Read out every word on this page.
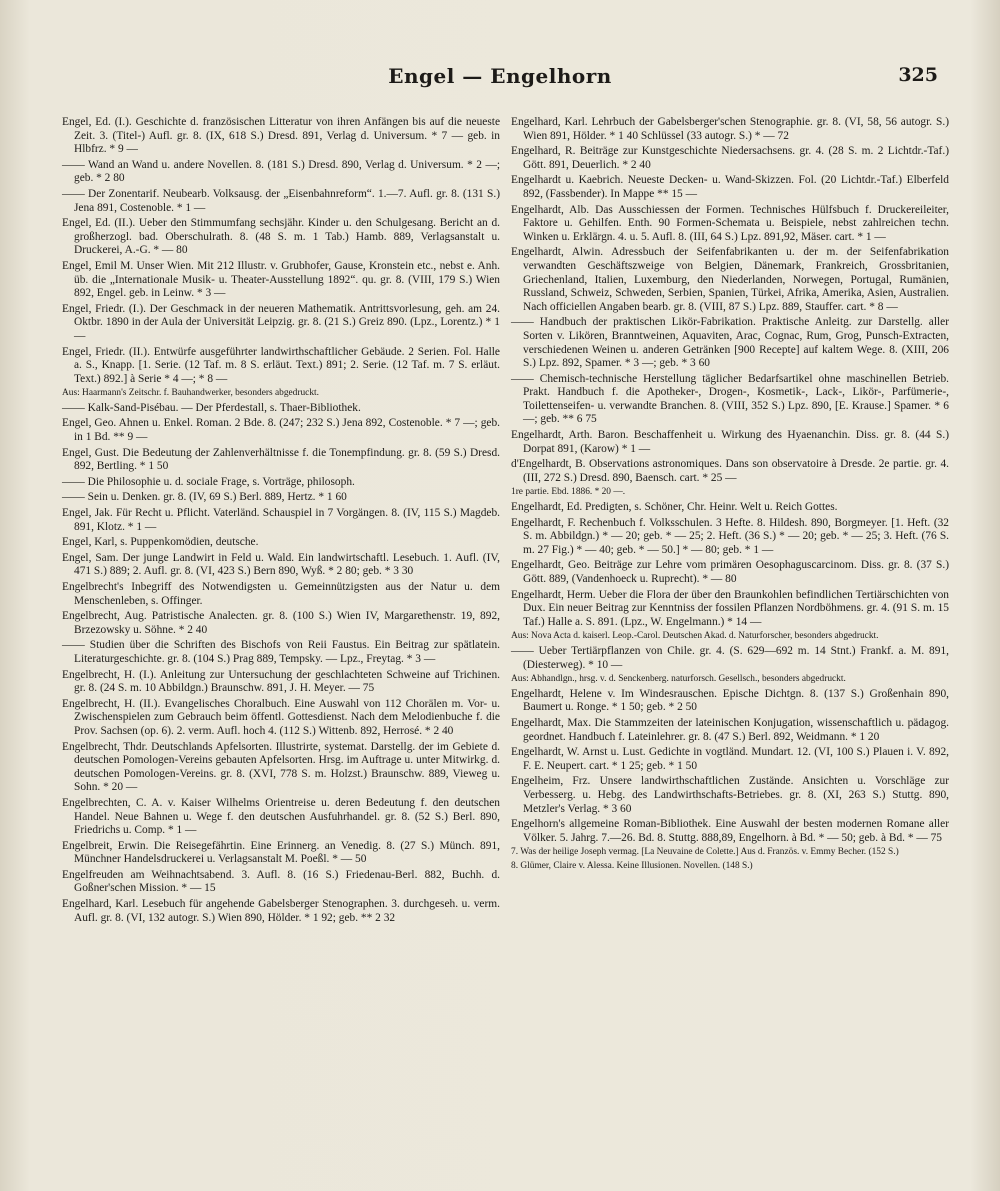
Engel — Engelhorn	325

Engel, Ed. (I.). Geschichte d. französischen Litteratur von ihren Anfängen bis auf die neueste Zeit. 3. (Titel-) Aufl. gr. 8. (IX, 618 S.) Dresd. 891, Verlag d. Universum. * 7 — geb. in Hlbfrz. * 9 —

—— Wand an Wand u. andere Novellen. 8. (181 S.) Dresd. 890, Verlag d. Universum. * 2 —; geb. * 2 80

—— Der Zonentarif. Neubearb. Volksausg. der „Eisenbahnreform“. 1.—7. Aufl. gr. 8. (131 S.) Jena 891, Costenoble. * 1 —

Engel, Ed. (II.). Ueber den Stimmumfang sechsjähr. Kinder u. den Schulgesang. Bericht an d. großherzogl. bad. Oberschulrath. 8. (48 S. m. 1 Tab.) Hamb. 889, Verlagsanstalt u. Druckerei, A.-G. * — 80

Engel, Emil M. Unser Wien. Mit 212 Illustr. v. Grubhofer, Gause, Kronstein etc., nebst e. Anh. üb. die „Internationale Musik- u. Theater-Ausstellung 1892“. qu. gr. 8. (VIII, 179 S.) Wien 892, Engel. geb. in Leinw. * 3 —

Engel, Friedr. (I.). Der Geschmack in der neueren Mathematik. Antrittsvorlesung, geh. am 24. Oktbr. 1890 in der Aula der Universität Leipzig. gr. 8. (21 S.) Greiz 890. (Lpz., Lorentz.) * 1 —

Engel, Friedr. (II.). Entwürfe ausgeführter landwirthschaftlicher Gebäude. 2 Serien. Fol. Halle a. S., Knapp. [1. Serie. (12 Taf. m. 8 S. erläut. Text.) 891; 2. Serie. (12 Taf. m. 7 S. erläut. Text.) 892.] à Serie * 4 —; * 8 —

Aus: Haarmann's Zeitschr. f. Bauhandwerker, besonders abgedruckt.

—— Kalk-Sand-Pisébau. — Der Pferdestall, s. Thaer-Bibliothek.

Engel, Geo. Ahnen u. Enkel. Roman. 2 Bde. 8. (247; 232 S.) Jena 892, Costenoble. * 7 —; geb. in 1 Bd. ** 9 —

Engel, Gust. Die Bedeutung der Zahlenverhältnisse f. die Tonempfindung. gr. 8. (59 S.) Dresd. 892, Bertling. * 1 50

—— Die Philosophie u. d. sociale Frage, s. Vorträge, philosoph.

—— Sein u. Denken. gr. 8. (IV, 69 S.) Berl. 889, Hertz. * 1 60

Engel, Jak. Für Recht u. Pflicht. Vaterländ. Schauspiel in 7 Vorgängen. 8. (IV, 115 S.) Magdeb. 891, Klotz. * 1 —

Engel, Karl, s. Puppenkomödien, deutsche.

Engel, Sam. Der junge Landwirt in Feld u. Wald. Ein landwirtschaftl. Lesebuch. 1. Aufl. (IV, 471 S.) 889; 2. Aufl. gr. 8. (VI, 423 S.) Bern 890, Wyß. * 2 80; geb. * 3 30

Engelbrecht's Inbegriff des Notwendigsten u. Gemeinnützigsten aus der Natur u. dem Menschenleben, s. Offinger.

Engelbrecht, Aug. Patristische Analecten. gr. 8. (100 S.) Wien IV, Margarethenstr. 19, 892, Brzezowsky u. Söhne. * 2 40

—— Studien über die Schriften des Bischofs von Reii Faustus. Ein Beitrag zur spätlatein. Literaturgeschichte. gr. 8. (104 S.) Prag 889, Tempsky. — Lpz., Freytag. * 3 —

Engelbrecht, H. (I.). Anleitung zur Untersuchung der geschlachteten Schweine auf Trichinen. gr. 8. (24 S. m. 10 Abbildgn.) Braunschw. 891, J. H. Meyer. — 75

Engelbrecht, H. (II.). Evangelisches Choralbuch. Eine Auswahl von 112 Chorälen m. Vor- u. Zwischenspielen zum Gebrauch beim öffentl. Gottesdienst. Nach dem Melodienbuche f. die Prov. Sachsen (op. 6). 2. verm. Aufl. hoch 4. (112 S.) Wittenb. 892, Herrosé. * 2 40

Engelbrecht, Thdr. Deutschlands Apfelsorten. Illustrirte, systemat. Darstellg. der im Gebiete d. deutschen Pomologen-Vereins gebauten Apfelsorten. Hrsg. im Auftrage u. unter Mitwirkg. d. deutschen Pomologen-Vereins. gr. 8. (XVI, 778 S. m. Holzst.) Braunschw. 889, Vieweg u. Sohn. * 20 —

Engelbrechten, C. A. v. Kaiser Wilhelms Orientreise u. deren Bedeutung f. den deutschen Handel. Neue Bahnen u. Wege f. den deutschen Ausfuhrhandel. gr. 8. (52 S.) Berl. 890, Friedrichs u. Comp. * 1 —

Engelbreit, Erwin. Die Reisegefährtin. Eine Erinnerg. an Venedig. 8. (27 S.) Münch. 891, Münchner Handelsdruckerei u. Verlagsanstalt M. Poeßl. * — 50

Engelfreuden am Weihnachtsabend. 3. Aufl. 8. (16 S.) Friedenau-Berl. 882, Buchh. d. Goßner'schen Mission. * — 15

Engelhard, Karl. Lesebuch für angehende Gabelsberger Stenographen. 3. durchgeseh. u. verm. Aufl. gr. 8. (VI, 132 autogr. S.) Wien 890, Hölder. * 1 92; geb. ** 2 32

Engelhard, Karl. Lehrbuch der Gabelsberger'schen Stenographie. gr. 8. (VI, 58, 56 autogr. S.) Wien 891, Hölder. * 1 40 Schlüssel (33 autogr. S.) * — 72

Engelhard, R. Beiträge zur Kunstgeschichte Niedersachsens. gr. 4. (28 S. m. 2 Lichtdr.-Taf.) Gött. 891, Deuerlich. * 2 40

Engelhardt u. Kaebrich. Neueste Decken- u. Wand-Skizzen. Fol. (20 Lichtdr.-Taf.) Elberfeld 892, (Fassbender). In Mappe ** 15 —

Engelhardt, Alb. Das Ausschiessen der Formen. Technisches Hülfsbuch f. Druckereileiter, Faktore u. Gehilfen. Enth. 90 Formen-Schemata u. Beispiele, nebst zahlreichen techn. Winken u. Erklärgn. 4. u. 5. Aufl. 8. (III, 64 S.) Lpz. 891,92, Mäser. cart. * 1 —

Engelhardt, Alwin. Adressbuch der Seifenfabrikanten u. der m. der Seifenfabrikation verwandten Geschäftszweige von Belgien, Dänemark, Frankreich, Grossbritanien, Griechenland, Italien, Luxemburg, den Niederlanden, Norwegen, Portugal, Rumänien, Russland, Schweiz, Schweden, Serbien, Spanien, Türkei, Afrika, Amerika, Asien, Australien. Nach officiellen Angaben bearb. gr. 8. (VIII, 87 S.) Lpz. 889, Stauffer. cart. * 8 —

—— Handbuch der praktischen Likör-Fabrikation. Praktische Anleitg. zur Darstellg. aller Sorten v. Likören, Branntweinen, Aquaviten, Arac, Cognac, Rum, Grog, Punsch-Extracten, verschiedenen Weinen u. anderen Getränken [900 Recepte] auf kaltem Wege. 8. (XIII, 206 S.) Lpz. 892, Spamer. * 3 —; geb. * 3 60

—— Chemisch-technische Herstellung täglicher Bedarfsartikel ohne maschinellen Betrieb. Prakt. Handbuch f. die Apotheker-, Drogen-, Kosmetik-, Lack-, Likör-, Parfümerie-, Toilettenseifen- u. verwandte Branchen. 8. (VIII, 352 S.) Lpz. 890, [E. Krause.] Spamer. * 6 —; geb. ** 6 75

Engelhardt, Arth. Baron. Beschaffenheit u. Wirkung des Hyaenanchin. Diss. gr. 8. (44 S.) Dorpat 891, (Karow) * 1 —

d'Engelhardt, B. Observations astronomiques. Dans son observatoire à Dresde. 2e partie. gr. 4. (III, 272 S.) Dresd. 890, Baensch. cart. * 25 —

1re partie. Ebd. 1886. * 20 —.

Engelhardt, Ed. Predigten, s. Schöner, Chr. Heinr. Welt u. Reich Gottes.

Engelhardt, F. Rechenbuch f. Volksschulen. 3 Hefte. 8. Hildesh. 890, Borgmeyer. [1. Heft. (32 S. m. Abbildgn.) * — 20; geb. * — 25; 2. Heft. (36 S.) * — 20; geb. * — 25; 3. Heft. (76 S. m. 27 Fig.) * — 40; geb. * — 50.] * — 80; geb. * 1 —

Engelhardt, Geo. Beiträge zur Lehre vom primären Oesophaguscarcinom. Diss. gr. 8. (37 S.) Gött. 889, (Vandenhoeck u. Ruprecht). * — 80

Engelhardt, Herm. Ueber die Flora der über den Braunkohlen befindlichen Tertiärschichten von Dux. Ein neuer Beitrag zur Kenntniss der fossilen Pflanzen Nordböhmens. gr. 4. (91 S. m. 15 Taf.) Halle a. S. 891. (Lpz., W. Engelmann.) * 14 —

Aus: Nova Acta d. kaiserl. Leop.-Carol. Deutschen Akad. d. Naturforscher, besonders abgedruckt.

—— Ueber Tertiärpflanzen von Chile. gr. 4. (S. 629—692 m. 14 Stnt.) Frankf. a. M. 891, (Diesterweg). * 10 —

Aus: Abhandlgn., hrsg. v. d. Senckenberg. naturforsch. Gesellsch., besonders abgedruckt.

Engelhardt, Helene v. Im Windesrauschen. Epische Dichtgn. 8. (137 S.) Großenhain 890, Baumert u. Ronge. * 1 50; geb. * 2 50

Engelhardt, Max. Die Stammzeiten der lateinischen Konjugation, wissenschaftlich u. pädagog. geordnet. Handbuch f. Lateinlehrer. gr. 8. (47 S.) Berl. 892, Weidmann. * 1 20

Engelhardt, W. Arnst u. Lust. Gedichte in vogtländ. Mundart. 12. (VI, 100 S.) Plauen i. V. 892, F. E. Neupert. cart. * 1 25; geb. * 1 50

Engelheim, Frz. Unsere landwirthschaftlichen Zustände. Ansichten u. Vorschläge zur Verbesserg. u. Hebg. des Landwirthschafts-Betriebes. gr. 8. (XI, 263 S.) Stuttg. 890, Metzler's Verlag. * 3 60

Engelhorn's allgemeine Roman-Bibliothek. Eine Auswahl der besten modernen Romane aller Völker. 5. Jahrg. 7.—26. Bd. 8. Stuttg. 888,89, Engelhorn. à Bd. * — 50; geb. à Bd. * — 75

7. Was der heilige Joseph vermag. [La Neuvaine de Colette.] Aus d. Französ. v. Emmy Becher. (152 S.)

8. Glümer, Claire v. Alessa. Keine Illusionen. Novellen. (148 S.)
